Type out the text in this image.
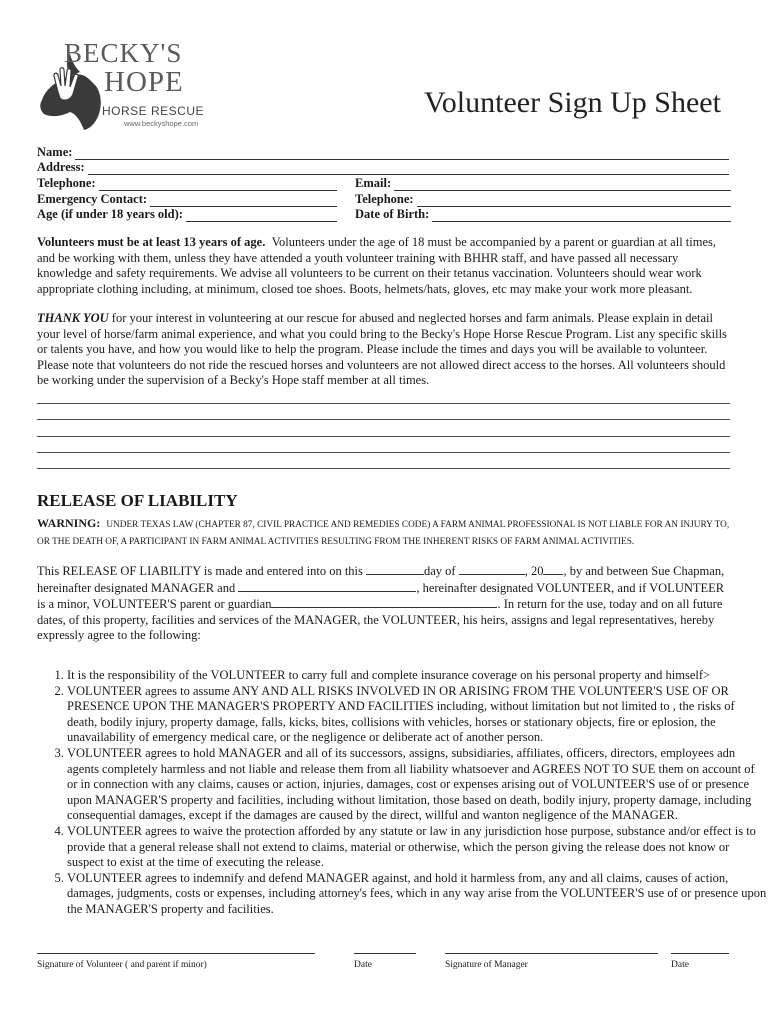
BECKY'S
HOPE
HORSE RESCUE
www.beckyshope.com
Volunteer Sign Up Sheet
Name:
Address:
Telephone:	Email:
Emergency Contact:	Telephone:
Age (if under 18 years old):	Date of Birth:
Volunteers must be at least 13 years of age. Volunteers under the age of 18 must be accompanied by a parent or guardian at all times, and be working with them, unless they have attended a youth volunteer training with BHHR staff, and have passed all necessary knowledge and safety requirements. We advise all volunteers to be current on their tetanus vaccination. Volunteers should wear work appropriate clothing including, at minimum, closed toe shoes. Boots, helmets/hats, gloves, etc may make your work more pleasant.
THANK YOU for your interest in volunteering at our rescue for abused and neglected horses and farm animals. Please explain in detail your level of horse/farm animal experience, and what you could bring to the Becky's Hope Horse Rescue Program. List any specific skills or talents you have, and how you would like to help the program. Please include the times and days you will be available to volunteer. Please note that volunteers do not ride the rescued horses and volunteers are not allowed direct access to the horses. All volunteers should be working under the supervision of a Becky's Hope staff member at all times.
RELEASE OF LIABILITY
WARNING: UNDER TEXAS LAW (CHAPTER 87, CIVIL PRACTICE AND REMEDIES CODE) A FARM ANIMAL PROFESSIONAL IS NOT LIABLE FOR AN INJURY TO, OR THE DEATH OF, A PARTICIPANT IN FARM ANIMAL ACTIVITIES RESULTING FROM THE INHERENT RISKS OF FARM ANIMAL ACTIVITIES.
This RELEASE OF LIABILITY is made and entered into on this	day of	, 20 , by and between Sue Chapman, hereinafter designated MANAGER and	, hereinafter designated VOLUNTEER, and if VOLUNTEER is a minor, VOLUNTEER'S parent or guardian	. In return for the use, today and on all future dates, of this property, facilities and services of the MANAGER, the VOLUNTEER, his heirs, assigns and legal representatives, hereby expressly agree to the following:
1. It is the responsibility of the VOLUNTEER to carry full and complete insurance coverage on his personal property and himself>
2. VOLUNTEER agrees to assume ANY AND ALL RISKS INVOLVED IN OR ARISING FROM THE VOLUNTEER'S USE OF OR PRESENCE UPON THE MANAGER'S PROPERTY AND FACILITIES including, without limitation but not limited to , the risks of death, bodily injury, property damage, falls, kicks, bites, collisions with vehicles, horses or stationary objects, fire or eplosion, the unavailability of emergency medical care, or the negligence or deliberate act of another person.
3. VOLUNTEER agrees to hold MANAGER and all of its successors, assigns, subsidiaries, affiliates, officers, directors, employees adn agents completely harmless and not liable and release them from all liability whatsoever and AGREES NOT TO SUE them on account of or in connection with any claims, causes or action, injuries, damages, cost or expenses arising out of VOLUNTEER'S use of or presence upon MANAGER'S property and facilities, including without limitation, those based on death, bodily injury, property damage, including consequential damages, except if the damages are caused by the direct, willful and wanton negligence of the MANAGER.
4. VOLUNTEER agrees to waive the protection afforded by any statute or law in any jurisdiction hose purpose, substance and/or effect is to provide that a general release shall not extend to claims, material or otherwise, which the person giving the release does not know or suspect to exist at the time of executing the release.
5. VOLUNTEER agrees to indemnify and defend MANAGER against, and hold it harmless from, any and all claims, causes of action, damages, judgments, costs or expenses, including attorney's fees, which in any way arise from the VOLUNTEER'S use of or presence upon the MANAGER'S property and facilities.
Signature of Volunteer ( and parent if minor)	Date	Signature of Manager	Date
